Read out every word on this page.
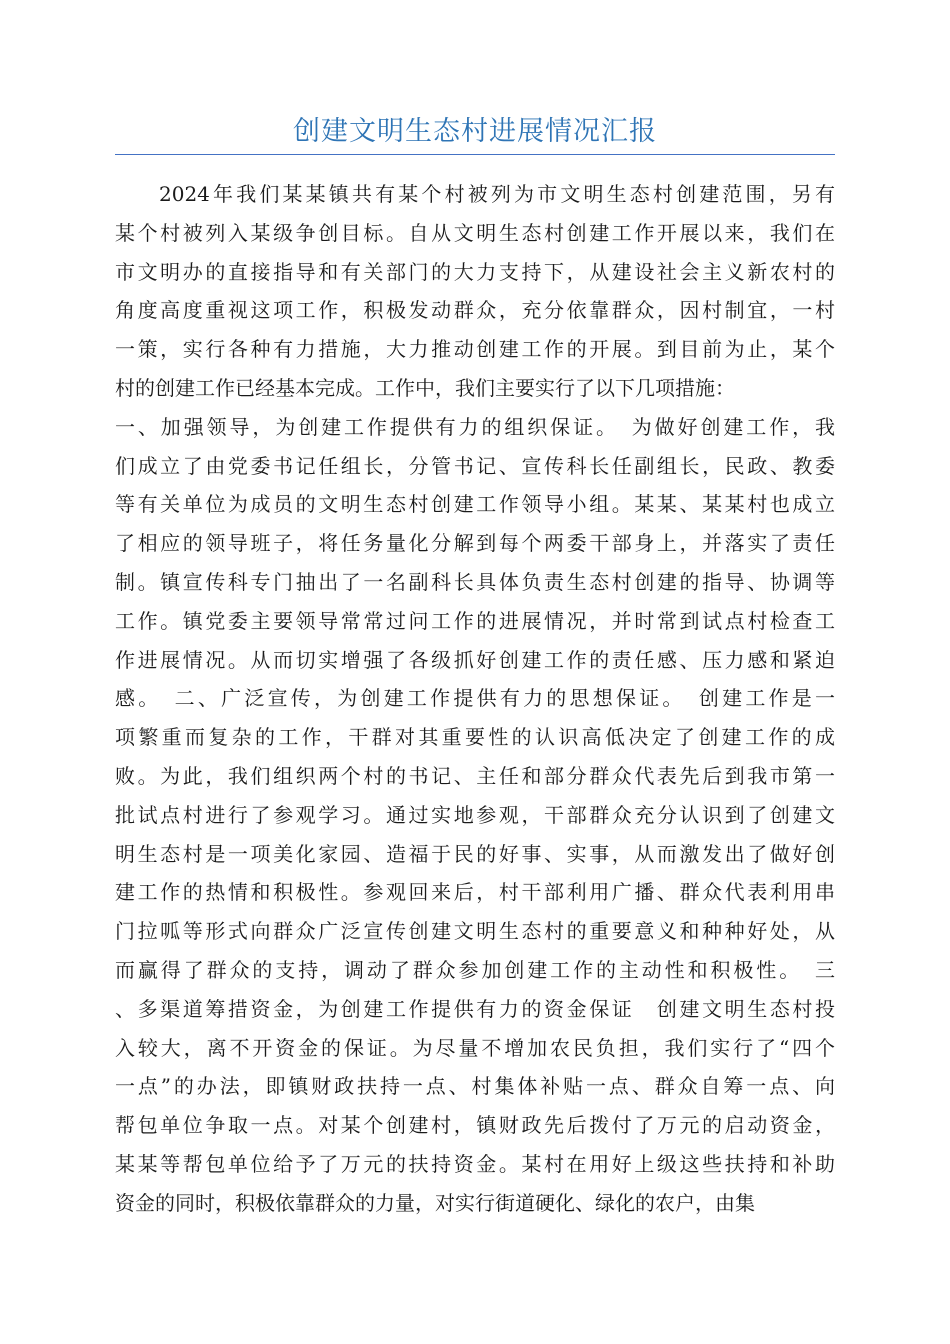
创建文明生态村进展情况汇报
2024年我们某某镇共有某个村被列为市文明生态村创建范围，另有
某个村被列入某级争创目标。自从文明生态村创建工作开展以来，我们在
市文明办的直接指导和有关部门的大力支持下，从建设社会主义新农村的
角度高度重视这项工作，积极发动群众，充分依靠群众，因村制宜，一村
一策，实行各种有力措施，大力推动创建工作的开展。到目前为止，某个
村的创建工作已经基本完成。工作中，我们主要实行了以下几项措施：
一、加强领导，为创建工作提供有力的组织保证。　为做好创建工作，我
们成立了由党委书记任组长，分管书记、宣传科长任副组长，民政、教委
等有关单位为成员的文明生态村创建工作领导小组。某某、某某村也成立
了相应的领导班子，将任务量化分解到每个两委干部身上，并落实了责任
制。镇宣传科专门抽出了一名副科长具体负责生态村创建的指导、协调等
工作。镇党委主要领导常常过问工作的进展情况，并时常到试点村检查工
作进展情况。从而切实增强了各级抓好创建工作的责任感、压力感和紧迫
感。　二、广泛宣传，为创建工作提供有力的思想保证。　创建工作是一
项繁重而复杂的工作，干群对其重要性的认识高低决定了创建工作的成
败。为此，我们组织两个村的书记、主任和部分群众代表先后到我市第一
批试点村进行了参观学习。通过实地参观，干部群众充分认识到了创建文
明生态村是一项美化家园、造福于民的好事、实事，从而激发出了做好创
建工作的热情和积极性。参观回来后，村干部利用广播、群众代表利用串
门拉呱等形式向群众广泛宣传创建文明生态村的重要意义和种种好处，从
而赢得了群众的支持，调动了群众参加创建工作的主动性和积极性。　三
、多渠道筹措资金，为创建工作提供有力的资金保证　创建文明生态村投
入较大，离不开资金的保证。为尽量不增加农民负担，我们实行了“四个
一点”的办法，即镇财政扶持一点、村集体补贴一点、群众自筹一点、向
帮包单位争取一点。对某个创建村，镇财政先后拨付了万元的启动资金，
某某等帮包单位给予了万元的扶持资金。某村在用好上级这些扶持和补助
资金的同时，积极依靠群众的力量，对实行街道硬化、绿化的农户，由集
